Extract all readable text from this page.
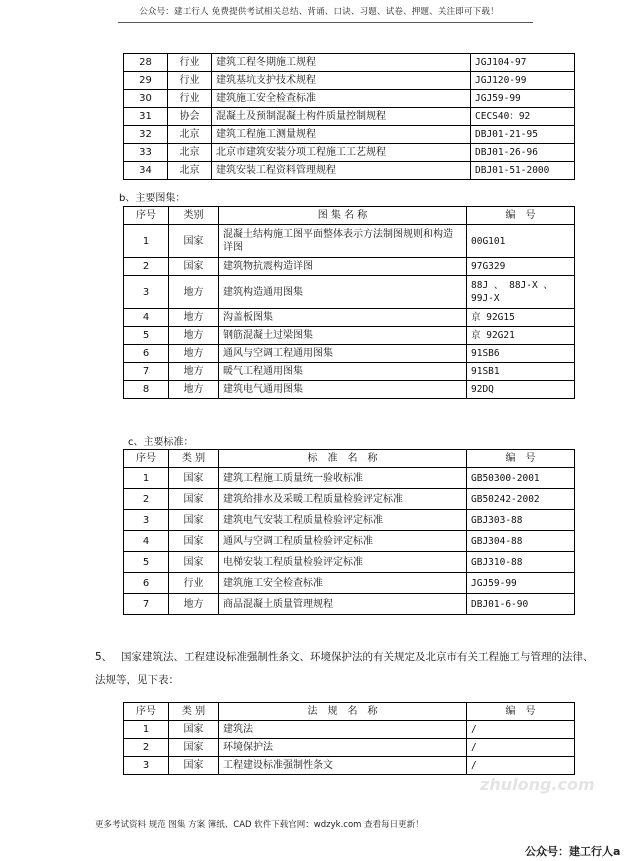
公众号：建工行人 免费提供考试相关总结、背诵、口诀、习题、试卷、押题、关注即可下载！
28	行业	建筑工程冬期施工规程	JGJ104-97
29	行业	建筑基坑支护技术规程	JGJ120-99
30	行业	建筑施工安全检查标准	JGJ59-99
31	协会	混凝土及预制混凝土构件质量控制规程	CECS40：92
32	北京	建筑工程施工测量规程	DBJ01-21-95
33	北京	北京市建筑安装分项工程施工工艺规程	DBJ01-26-96
34	北京	建筑安装工程资料管理规程	DBJ01-51-2000
b、主要图集：
序号	类别	图 集 名 称	编　号
1	国家	混凝土结构施工图平面整体表示方法制图规则和构造详图	00G101
2	国家	建筑物抗震构造详图	97G329
3	地方	建筑构造通用图集	88J 、 88J-X 、 99J-X
4	地方	沟盖板图集	京 92G15
5	地方	钢筋混凝土过梁图集	京 92G21
6	地方	通风与空调工程通用图集	91SB6
7	地方	暖气工程通用图集	91SB1
8	地方	建筑电气通用图集	92DQ
c、主要标准：
序号	类 别	标　准　名　称	编　号
1	国家	建筑工程施工质量统一验收标准	GB50300-2001
2	国家	建筑给排水及采暖工程质量检验评定标准	GB50242-2002
3	国家	建筑电气安装工程质量检验评定标准	GBJ303-88
4	国家	通风与空调工程质量检验评定标准	GBJ304-88
5	国家	电梯安装工程质量检验评定标准	GBJ310-88
6	行业	建筑施工安全检查标准	JGJ59-99
7	地方	商品混凝土质量管理规程	DBJ01-6-90
5、 国家建筑法、工程建设标准强制性条文、环境保护法的有关规定及北京市有关工程施工与管理的法律、法规等，见下表：
序号	类 别	法　规　名　称	编　号
1	国家	建筑法	/
2	国家	环境保护法	/
3	国家	工程建设标准强制性条文	/
zhulong.com
更多考试资料 规范 图集 方案 簿纸、CAD 软件下载官网：wdzyk.com 查看每日更新！
公众号：建工行人a
